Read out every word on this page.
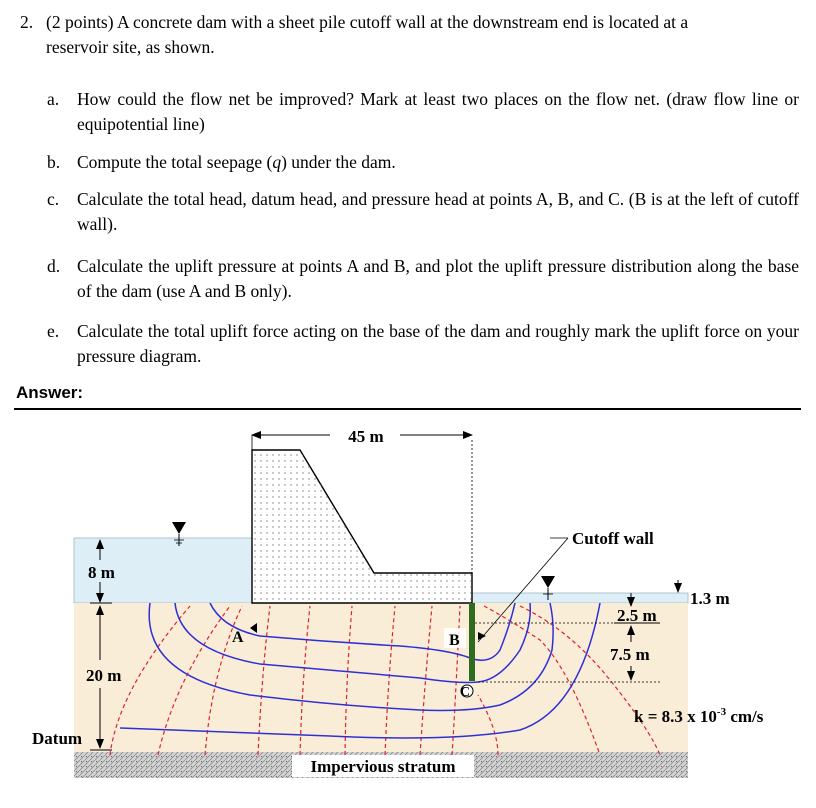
2. (2 points) A concrete dam with a sheet pile cutoff wall at the downstream end is located at a
reservoir site, as shown.
a. How could the flow net be improved? Mark at least two places on the flow net. (draw flow line or equipotential line)
b. Compute the total seepage (q) under the dam.
c. Calculate the total head, datum head, and pressure head at points A, B, and C. (B is at the left of cutoff wall).
d. Calculate the uplift pressure at points A and B, and plot the uplift pressure distribution along the base of the dam (use A and B only).
e. Calculate the total uplift force acting on the base of the dam and roughly mark the uplift force on your pressure diagram.
Answer:
45 m
Cutoff wall
8 m
20 m
Datum
1.3 m
2.5 m
7.5 m
A	B
C
k = 8.3 x $10^{-3}$ cm/s
Impervious stratum
